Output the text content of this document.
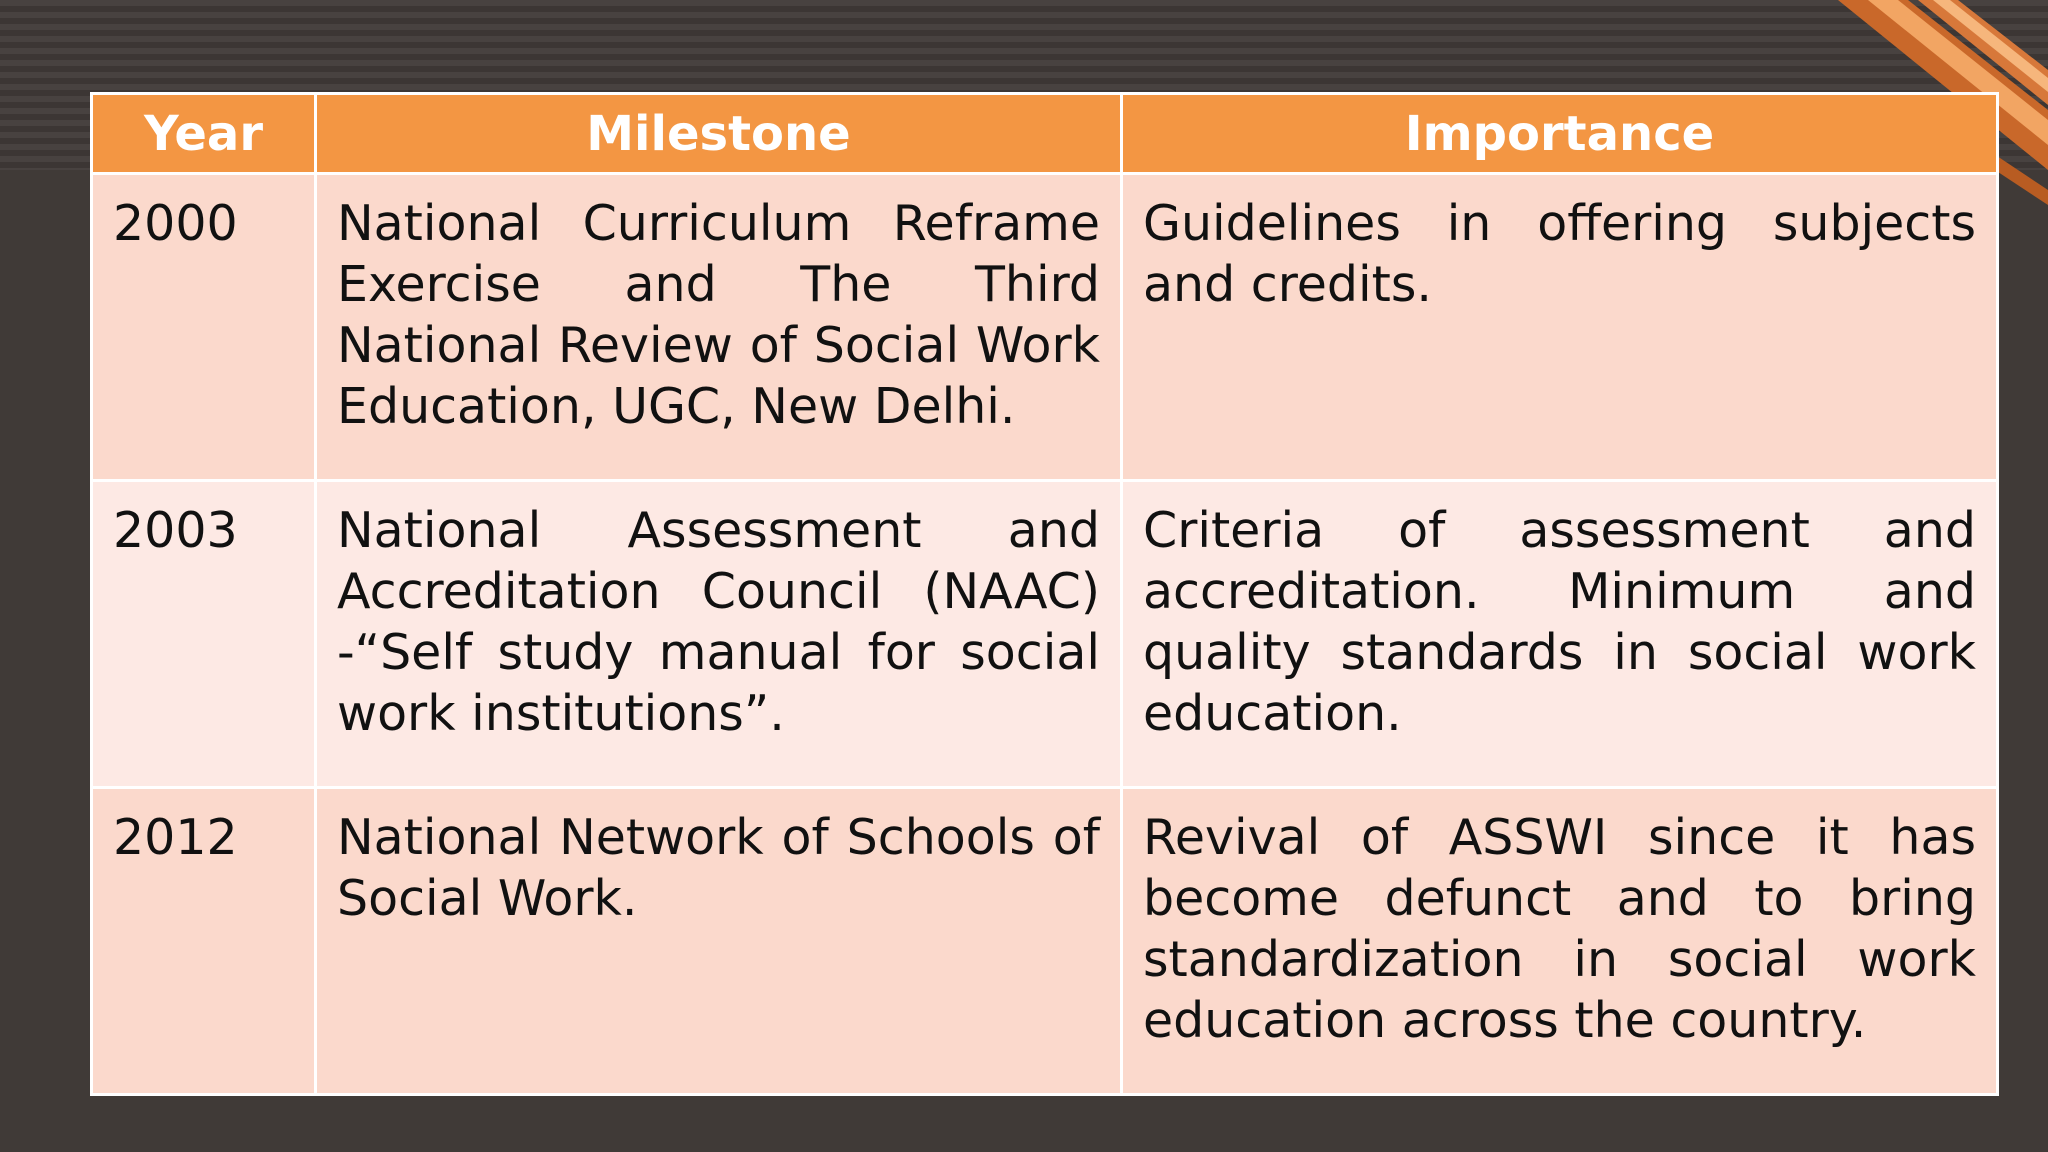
Year	Milestone	Importance
2000	National Curriculum Reframe Exercise and The Third National Review of Social Work Education, UGC, New Delhi.	Guidelines in offering subjects and credits.
2003	National Assessment and Accreditation Council (NAAC) -“Self study manual for social work institutions”.	Criteria of assessment and accreditation. Minimum and quality standards in social work education.
2012	National Network of Schools of Social Work.	Revival of ASSWI since it has become defunct and to bring standardization in social work education across the country.
